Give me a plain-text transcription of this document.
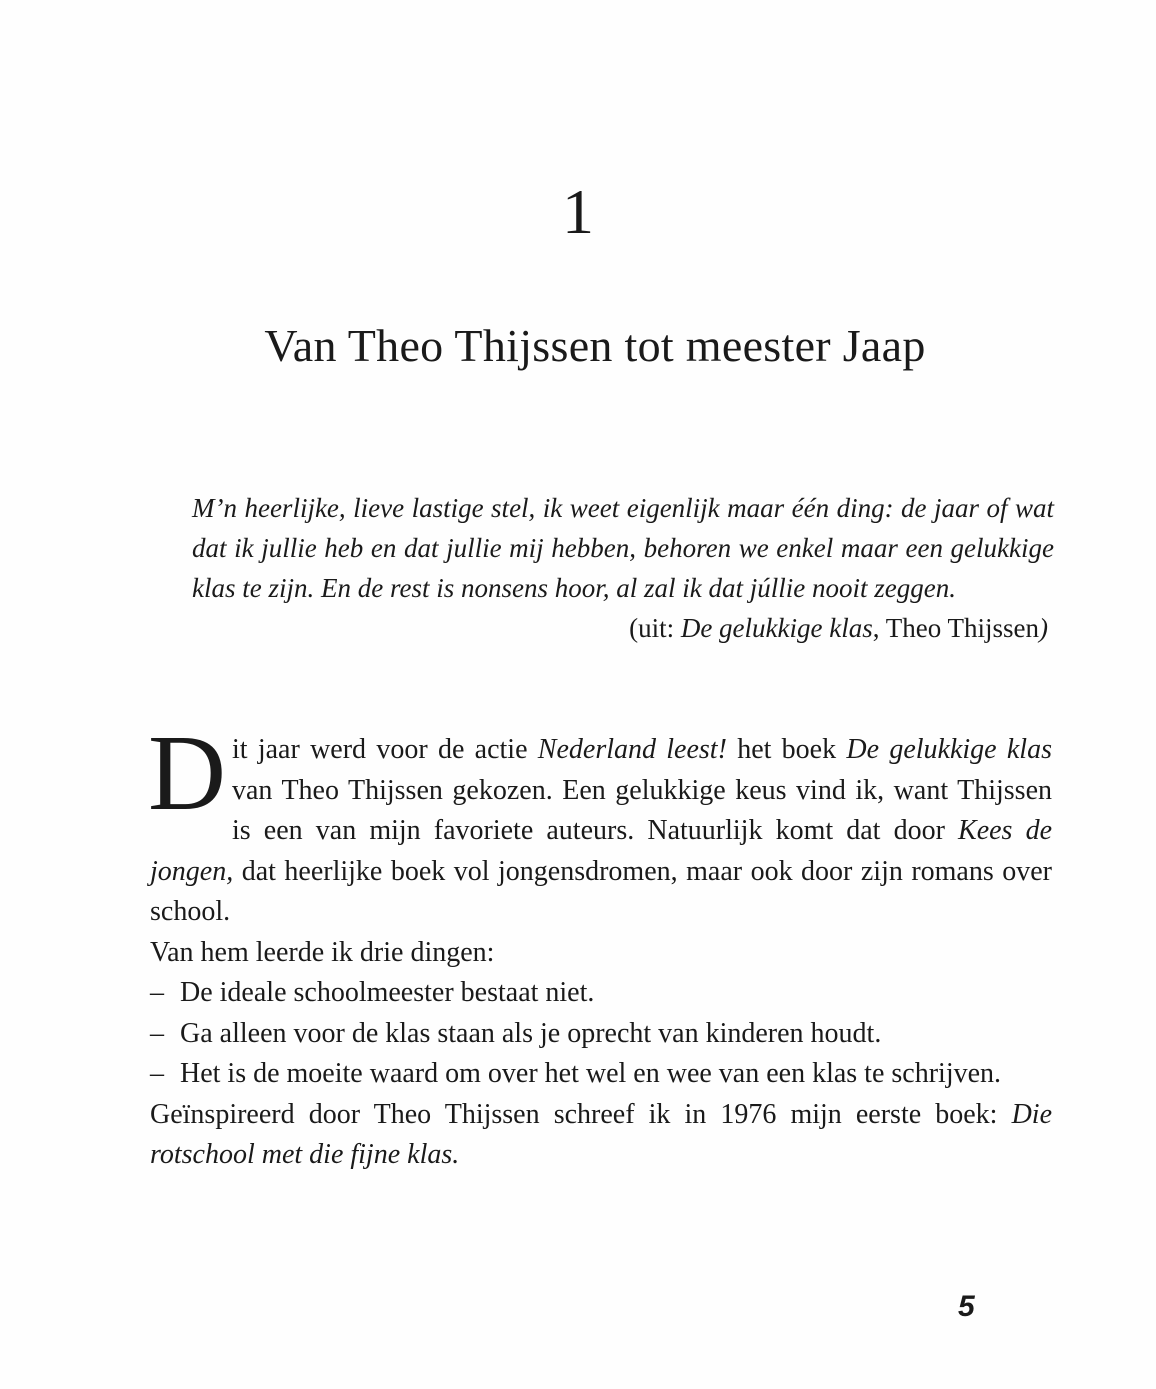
1
Van Theo Thijssen tot meester Jaap

M’n heerlijke, lieve lastige stel, ik weet eigenlijk maar één ding: de jaar of wat dat ik jullie heb en dat jullie mij hebben, behoren we enkel maar een gelukkige klas te zijn. En de rest is nonsens hoor, al zal ik dat júllie nooit zeggen.

(uit: De gelukkige klas, Theo Thijssen)

Dit jaar werd voor de actie Nederland leest! het boek De gelukkige klas van Theo Thijssen gekozen. Een gelukkige keus vind ik, want Thijssen is een van mijn favoriete auteurs. Natuurlijk komt dat door Kees de jongen, dat heerlijke boek vol jongensdromen, maar ook door zijn romans over school.

Van hem leerde ik drie dingen:

– De ideale schoolmeester bestaat niet.
– Ga alleen voor de klas staan als je oprecht van kinderen houdt.
– Het is de moeite waard om over het wel en wee van een klas te schrijven.

Geïnspireerd door Theo Thijssen schreef ik in 1976 mijn eerste boek: Die rotschool met die fijne klas.

5
